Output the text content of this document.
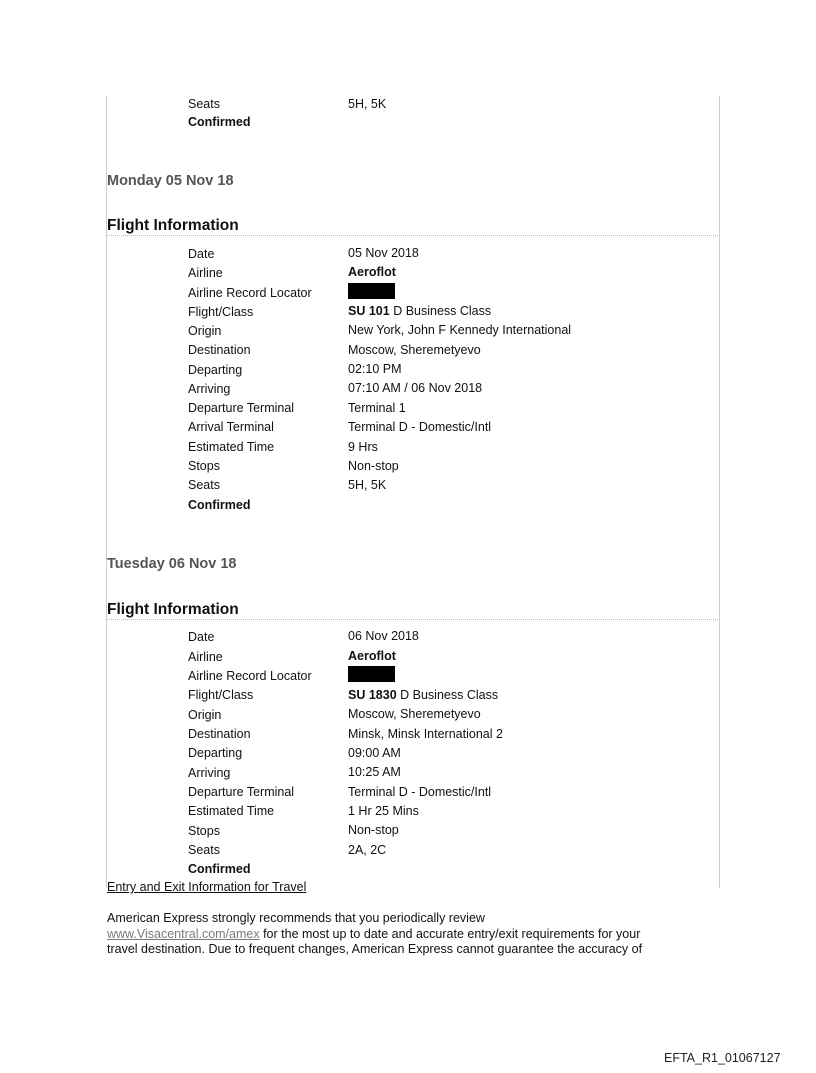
Seats	5H, 5K
Confirmed
Monday 05 Nov 18
Flight Information
Date	05 Nov 2018
Airline	Aeroflot
Airline Record Locator
Flight/Class	SU 101 D Business Class
Origin	New York, John F Kennedy International
Destination	Moscow, Sheremetyevo
Departing	02:10 PM
Arriving	07:10 AM / 06 Nov 2018
Departure Terminal	Terminal 1
Arrival Terminal	Terminal D - Domestic/Intl
Estimated Time	9 Hrs
Stops	Non-stop
Seats	5H, 5K
Confirmed
Tuesday 06 Nov 18
Flight Information
Date	06 Nov 2018
Airline	Aeroflot
Airline Record Locator
Flight/Class	SU 1830 D Business Class
Origin	Moscow, Sheremetyevo
Destination	Minsk, Minsk International 2
Departing	09:00 AM
Arriving	10:25 AM
Departure Terminal	Terminal D - Domestic/Intl
Estimated Time	1 Hr 25 Mins
Stops	Non-stop
Seats	2A, 2C
Confirmed
Entry and Exit Information for Travel
American Express strongly recommends that you periodically review
www.Visacentral.com/amex for the most up to date and accurate entry/exit requirements for your
travel destination. Due to frequent changes, American Express cannot guarantee the accuracy of
EFTA_R1_01067127
